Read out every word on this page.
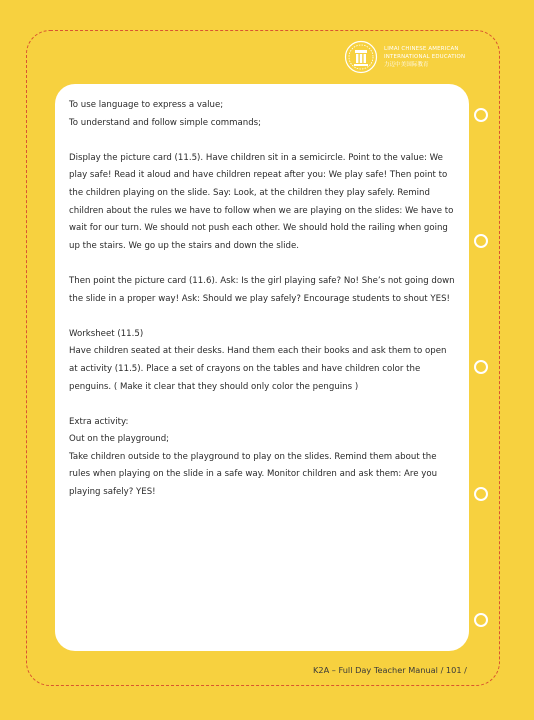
LIMAI CHINESE AMERICAN
INTERNATIONAL EDUCATION
力迈中美国际教育

To use language to express a value;

To understand and follow simple commands;

Display the picture card (11.5). Have children sit in a semicircle. Point to the value: We play safe! Read it aloud and have children repeat after you: We play safe! Then point to the children playing on the slide. Say: Look, at the children they play safely. Remind children about the rules we have to follow when we are playing on the slides: We have to wait for our turn. We should not push each other. We should hold the railing when going up the stairs. We go up the stairs and down the slide.

Then point the picture card (11.6). Ask: Is the girl playing safe? No! She’s not going down the slide in a proper way! Ask: Should we play safely? Encourage students to shout YES!

Worksheet (11.5)

Have children seated at their desks. Hand them each their books and ask them to open at activity (11.5). Place a set of crayons on the tables and have children color the penguins. ( Make it clear that they should only color the penguins )

Extra activity:

Out on the playground;

Take children outside to the playground to play on the slides. Remind them about the rules when playing on the slide in a safe way. Monitor children and ask them: Are you playing safely? YES!

K2A – Full Day Teacher Manual / 101 /
